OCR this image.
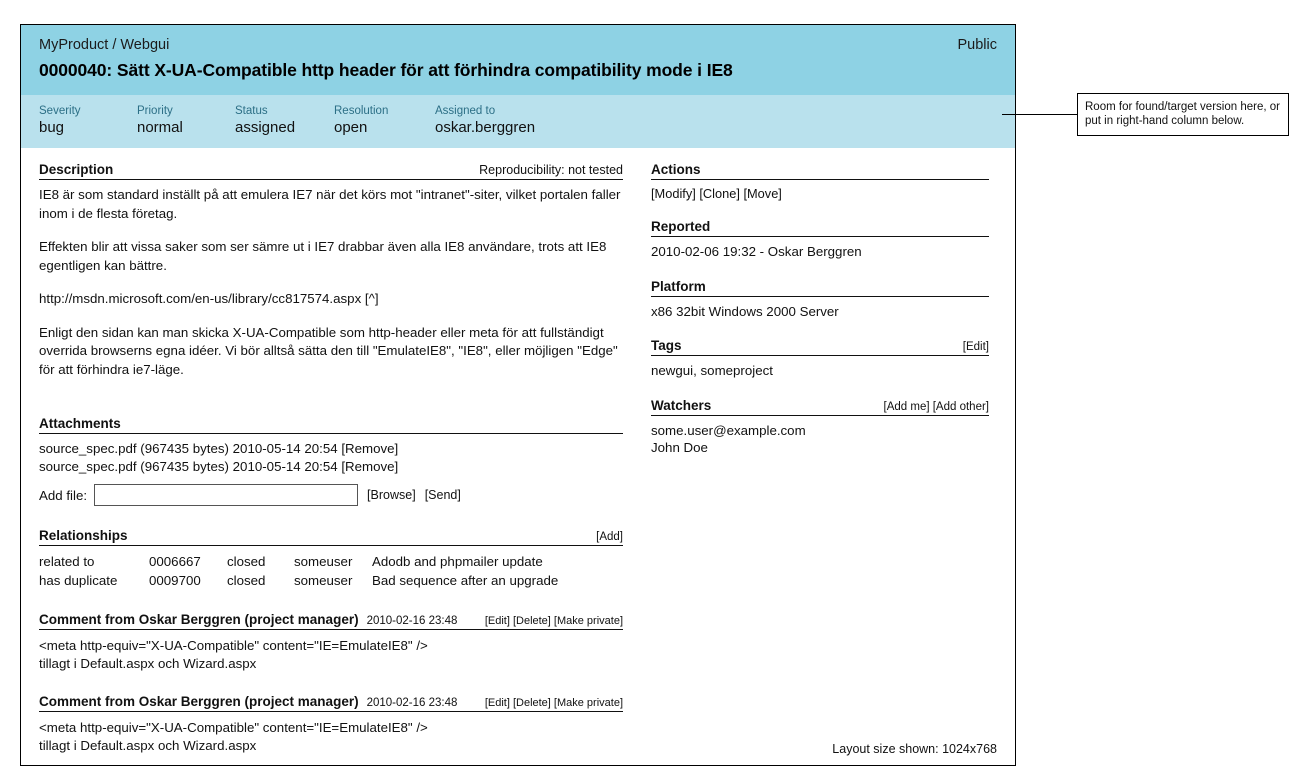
MyProduct / Webgui	Public
0000040: Sätt X-UA-Compatible http header för att förhindra compatibility mode i IE8
Severity
bug
Priority
normal
Status
assigned
Resolution
open
Assigned to
oskar.berggren
Description	Reproducibility: not tested

IE8 är som standard inställt på att emulera IE7 när det körs mot "intranet"-siter, vilket portalen faller inom i de flesta företag.

Effekten blir att vissa saker som ser sämre ut i IE7 drabbar även alla IE8 användare, trots att IE8 egentligen kan bättre.

http://msdn.microsoft.com/en-us/library/cc817574.aspx [^]

Enligt den sidan kan man skicka X-UA-Compatible som http-header eller meta för att fullständigt overrida browserns egna idéer. Vi bör alltså sätta den till "EmulateIE8", "IE8", eller möjligen "Edge" för att förhindra ie7-läge.

Attachments
source_spec.pdf (967435 bytes) 2010-05-14 20:54 [Remove]
source_spec.pdf (967435 bytes) 2010-05-14 20:54 [Remove]
Add file:	[Browse] [Send]
Relationships	[Add]
related to	0006667	closed	someuser	Adodb and phpmailer update
has duplicate	0009700	closed	someuser	Bad sequence after an upgrade
Comment from Oskar Berggren (project manager) 2010-02-16 23:48 [Edit] [Delete] [Make private]
<meta http-equiv="X-UA-Compatible" content="IE=EmulateIE8" />
tillagt i Default.aspx och Wizard.aspx
Comment from Oskar Berggren (project manager) 2010-02-16 23:48 [Edit] [Delete] [Make private]
<meta http-equiv="X-UA-Compatible" content="IE=EmulateIE8" />
tillagt i Default.aspx och Wizard.aspx
Actions
[Modify] [Clone] [Move]
Reported
2010-02-06 19:32 - Oskar Berggren
Platform
x86 32bit Windows 2000 Server
Tags	[Edit]
newgui, someproject
Watchers	[Add me] [Add other]
some.user@example.com
John Doe
Layout size shown: 1024x768
Room for found/target version here, or put in right-hand column below.
